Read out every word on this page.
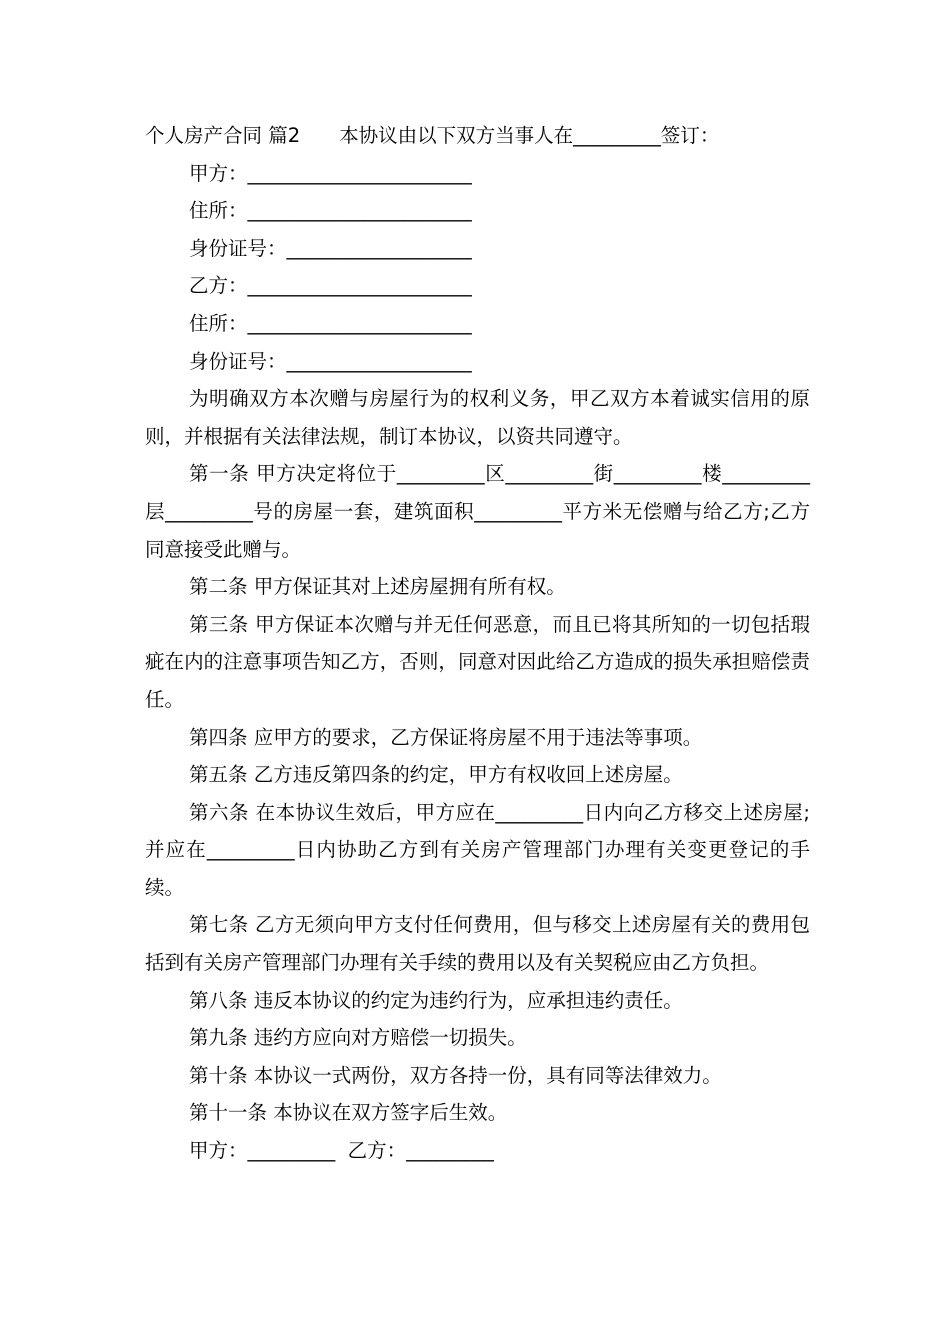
个人房产合同 篇2　　本协议由以下双方当事人在_________签订：

甲方：_______________________

住所：_______________________

身份证号：___________________

乙方：_______________________

住所：_______________________

身份证号：___________________

为明确双方本次赠与房屋行为的权利义务，甲乙双方本着诚实信用的原则，并根据有关法律法规，制订本协议，以资共同遵守。

第一条 甲方决定将位于_________区_________街_________楼_________层_________号的房屋一套，建筑面积_________平方米无偿赠与给乙方;乙方同意接受此赠与。

第二条 甲方保证其对上述房屋拥有所有权。

第三条 甲方保证本次赠与并无任何恶意，而且已将其所知的一切包括瑕疵在内的注意事项告知乙方，否则，同意对因此给乙方造成的损失承担赔偿责任。

第四条 应甲方的要求，乙方保证将房屋不用于违法等事项。

第五条 乙方违反第四条的约定，甲方有权收回上述房屋。

第六条 在本协议生效后，甲方应在_________日内向乙方移交上述房屋;并应在_________日内协助乙方到有关房产管理部门办理有关变更登记的手续。

第七条 乙方无须向甲方支付任何费用，但与移交上述房屋有关的费用包括到有关房产管理部门办理有关手续的费用以及有关契税应由乙方负担。

第八条 违反本协议的约定为违约行为，应承担违约责任。

第九条 违约方应向对方赔偿一切损失。

第十条 本协议一式两份，双方各持一份，具有同等法律效力。

第十一条 本协议在双方签字后生效。

甲方：_________  乙方：_________
